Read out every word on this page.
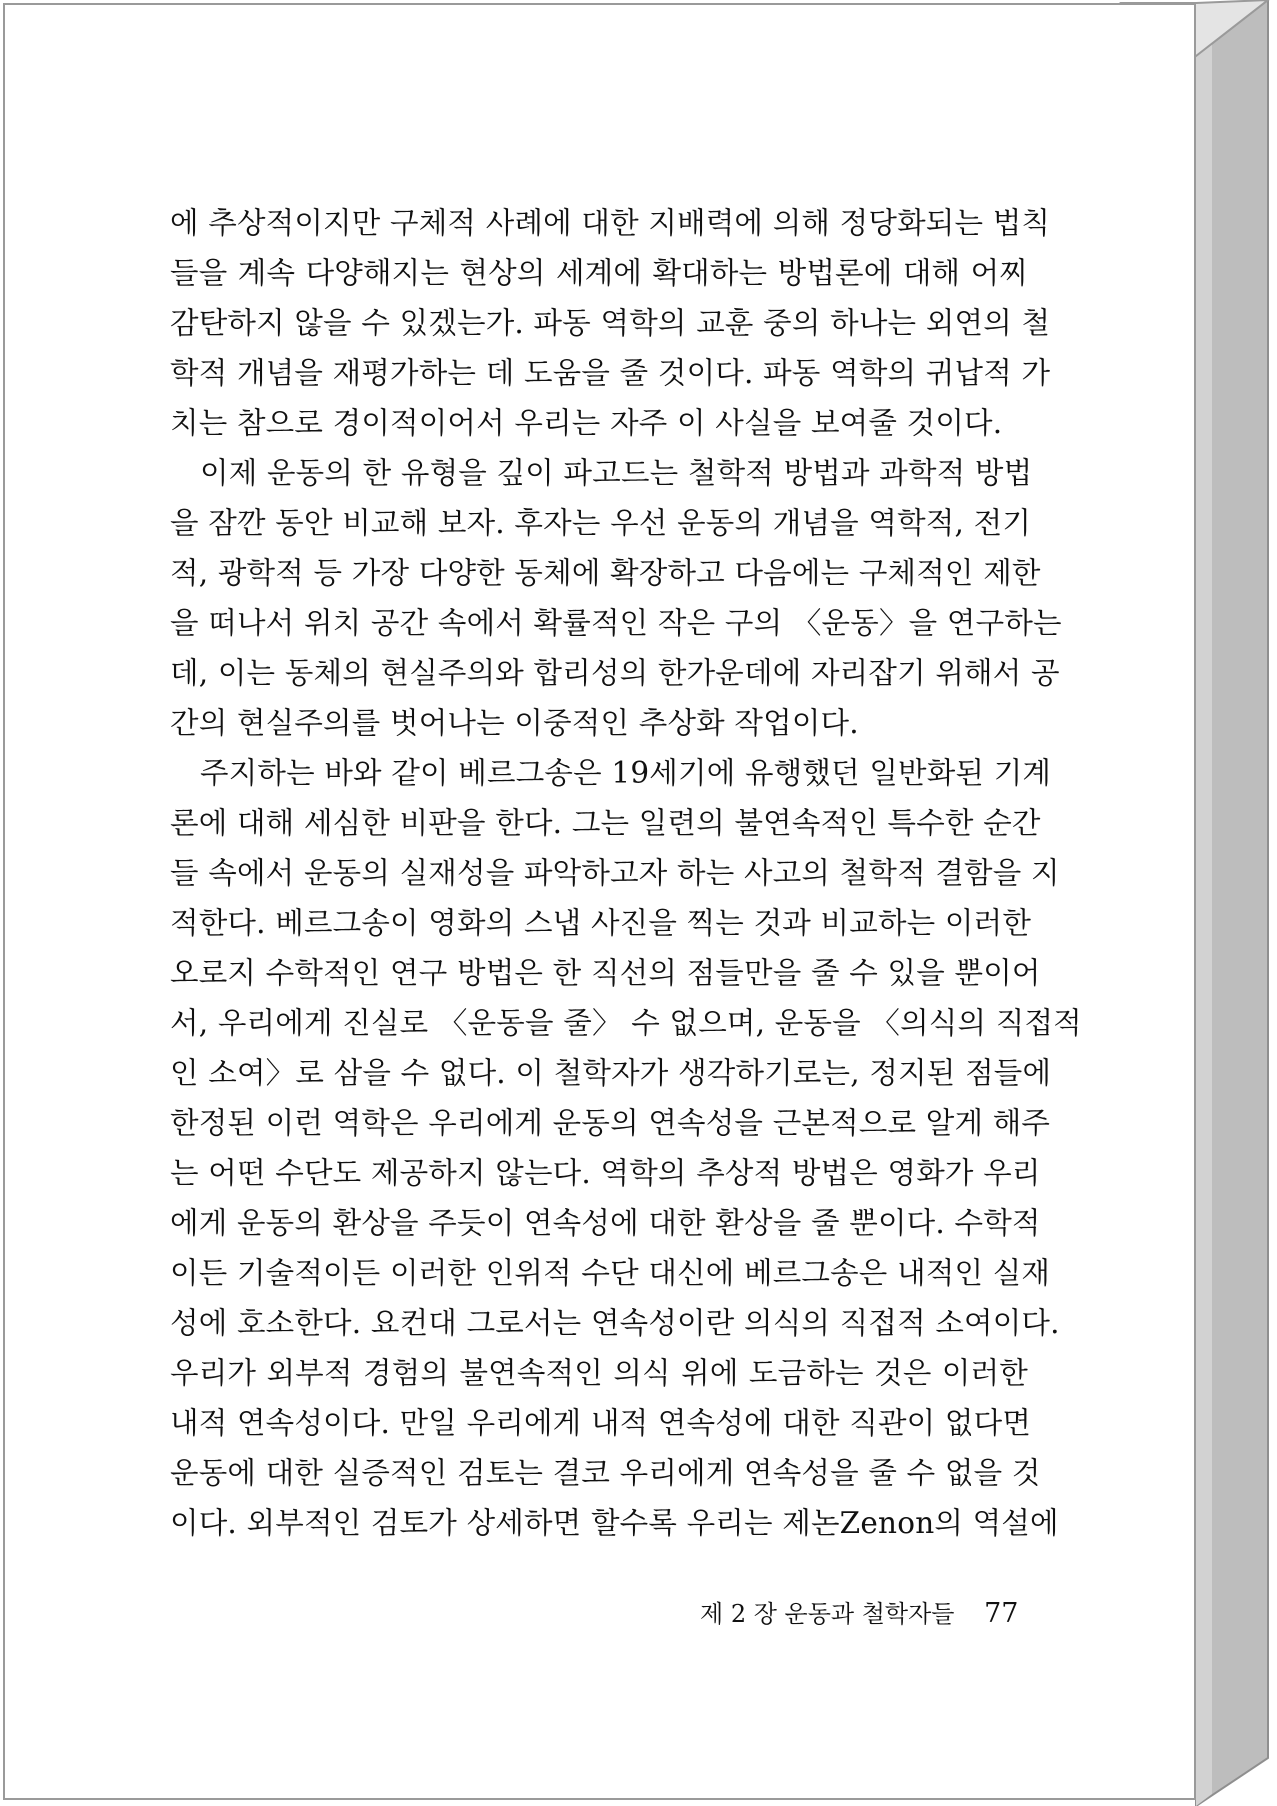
에 추상적이지만 구체적 사례에 대한 지배력에 의해 정당화되는 법칙
들을 계속 다양해지는 현상의 세계에 확대하는 방법론에 대해 어찌
감탄하지 않을 수 있겠는가. 파동 역학의 교훈 중의 하나는 외연의 철
학적 개념을 재평가하는 데 도움을 줄 것이다. 파동 역학의 귀납적 가
치는 참으로 경이적이어서 우리는 자주 이 사실을 보여줄 것이다.
이제 운동의 한 유형을 깊이 파고드는 철학적 방법과 과학적 방법
을 잠깐 동안 비교해 보자. 후자는 우선 운동의 개념을 역학적, 전기
적, 광학적 등 가장 다양한 동체에 확장하고 다음에는 구체적인 제한
을 떠나서 위치 공간 속에서 확률적인 작은 구의 〈운동〉을 연구하는
데, 이는 동체의 현실주의와 합리성의 한가운데에 자리잡기 위해서 공
간의 현실주의를 벗어나는 이중적인 추상화 작업이다.
주지하는 바와 같이 베르그송은 19세기에 유행했던 일반화된 기계
론에 대해 세심한 비판을 한다. 그는 일련의 불연속적인 특수한 순간
들 속에서 운동의 실재성을 파악하고자 하는 사고의 철학적 결함을 지
적한다. 베르그송이 영화의 스냅 사진을 찍는 것과 비교하는 이러한
오로지 수학적인 연구 방법은 한 직선의 점들만을 줄 수 있을 뿐이어
서, 우리에게 진실로 〈운동을 줄〉 수 없으며, 운동을 〈의식의 직접적
인 소여〉로 삼을 수 없다. 이 철학자가 생각하기로는, 정지된 점들에
한정된 이런 역학은 우리에게 운동의 연속성을 근본적으로 알게 해주
는 어떤 수단도 제공하지 않는다. 역학의 추상적 방법은 영화가 우리
에게 운동의 환상을 주듯이 연속성에 대한 환상을 줄 뿐이다. 수학적
이든 기술적이든 이러한 인위적 수단 대신에 베르그송은 내적인 실재
성에 호소한다. 요컨대 그로서는 연속성이란 의식의 직접적 소여이다.
우리가 외부적 경험의 불연속적인 의식 위에 도금하는 것은 이러한
내적 연속성이다. 만일 우리에게 내적 연속성에 대한 직관이 없다면
운동에 대한 실증적인 검토는 결코 우리에게 연속성을 줄 수 없을 것
이다. 외부적인 검토가 상세하면 할수록 우리는 제논Zenon의 역설에
제 2 장 운동과 철학자들 77
